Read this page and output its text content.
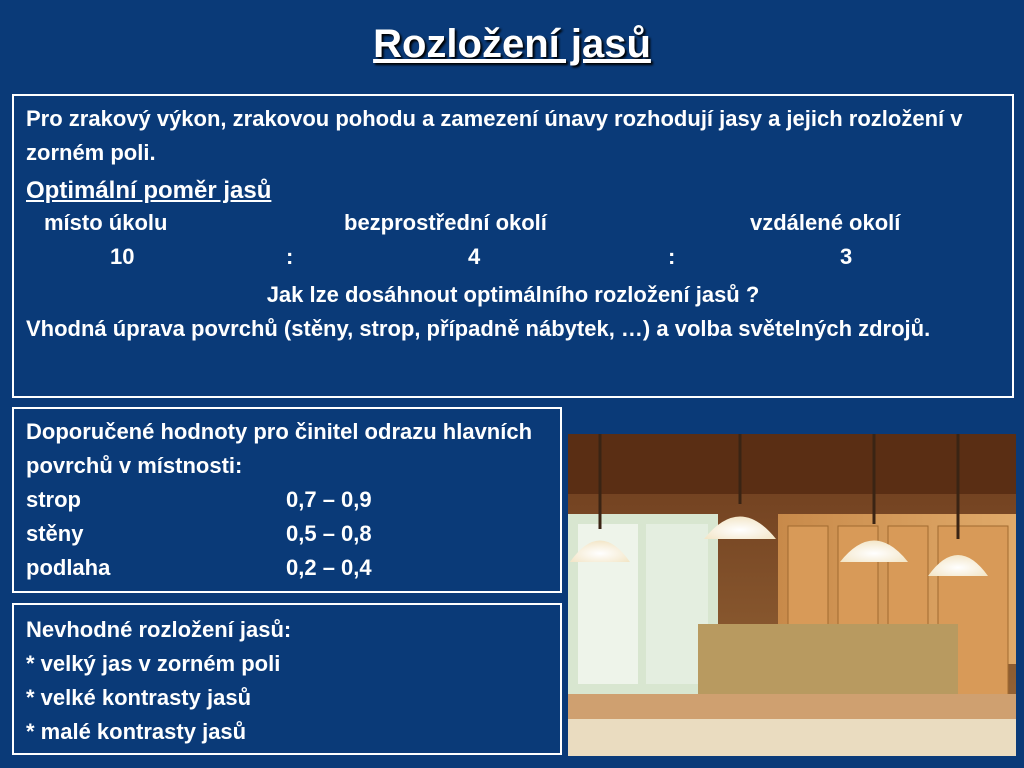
Rozložení jasů
Pro zrakový výkon, zrakovou pohodu a zamezení únavy rozhodují jasy a jejich rozložení v zorném poli.
Optimální poměr jasů
místo úkolu	bezprostřední okolí	vzdálené okolí
10	:	4	:	3
Jak lze dosáhnout optimálního rozložení jasů ?
Vhodná úprava povrchů (stěny, strop, případně nábytek, …) a volba světelných zdrojů.
Doporučené hodnoty pro činitel odrazu hlavních povrchů v místnosti:
strop	0,7 – 0,9
stěny	0,5 – 0,8
podlaha	0,2 – 0,4
Nevhodné rozložení jasů:
* velký jas v zorném poli
* velké kontrasty jasů
* malé kontrasty jasů
